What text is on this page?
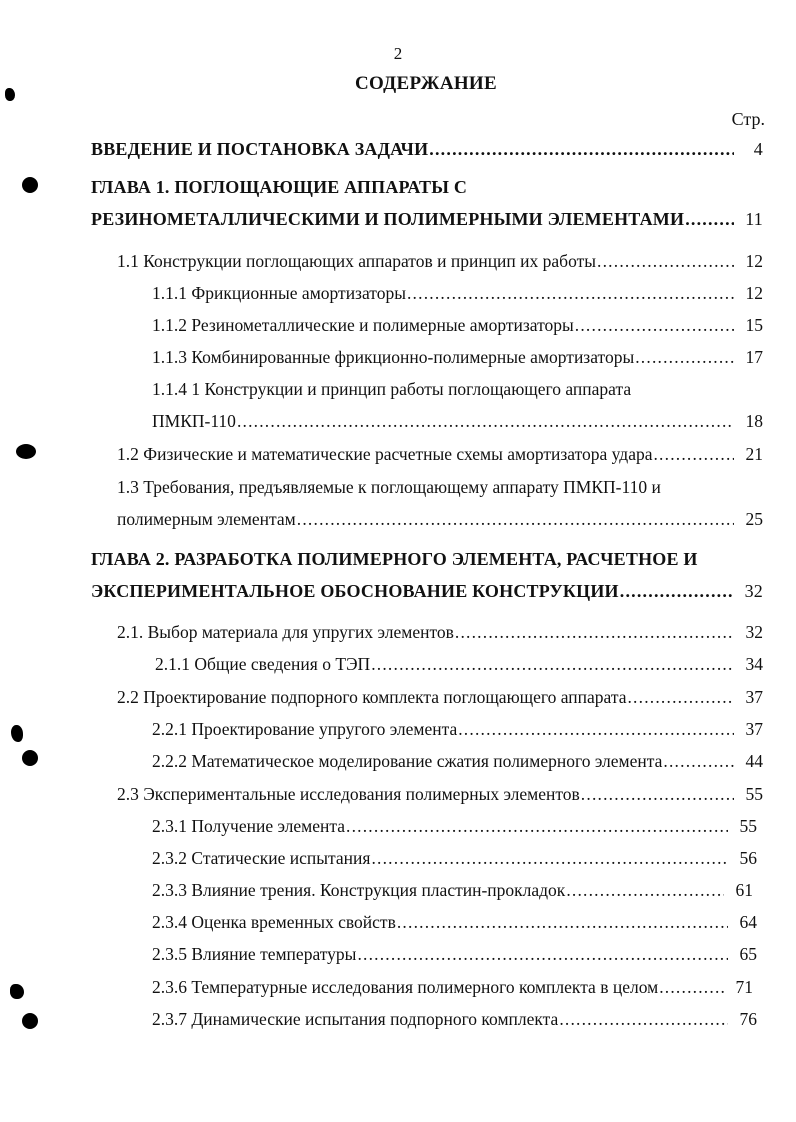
2
СОДЕРЖАНИЕ
Стр.
ВВЕДЕНИЕ И ПОСТАНОВКА ЗАДАЧИ .....	4
ГЛАВА 1. ПОГЛОЩАЮЩИЕ АППАРАТЫ С
РЕЗИНОМЕТАЛЛИЧЕСКИМИ И ПОЛИМЕРНЫМИ ЭЛЕМЕНТАМИ .....	11
1.1 Конструкции поглощающих аппаратов и принцип их работы .....	12
1.1.1 Фрикционные амортизаторы .....	12
1.1.2 Резинометаллические и полимерные амортизаторы .....	15
1.1.3 Комбинированные фрикционно-полимерные амортизаторы .....	17
1.1.4 1 Конструкции и принцип работы поглощающего аппарата
ПМКП-110 .....	18
1.2 Физические и математические расчетные схемы амортизатора удара .....	21
1.3 Требования, предъявляемые к поглощающему аппарату ПМКП-110 и
полимерным элементам .....	25
ГЛАВА 2. РАЗРАБОТКА ПОЛИМЕРНОГО ЭЛЕМЕНТА, РАСЧЕТНОЕ И
ЭКСПЕРИМЕНТАЛЬНОЕ ОБОСНОВАНИЕ КОНСТРУКЦИИ .....	32
2.1. Выбор материала для упругих элементов .....	32
2.1.1 Общие сведения о ТЭП .....	34
2.2 Проектирование подпорного комплекта поглощающего аппарата .....	37
2.2.1 Проектирование упругого элемента .....	37
2.2.2 Математическое моделирование сжатия полимерного элемента .....	44
2.3 Экспериментальные исследования полимерных элементов .....	55
2.3.1 Получение элемента .....	55
2.3.2 Статические испытания .....	56
2.3.3 Влияние трения. Конструкция пластин-прокладок .....	61
2.3.4 Оценка временных свойств .....	64
2.3.5 Влияние температуры .....	65
2.3.6 Температурные исследования полимерного комплекта в целом .....	71
2.3.7 Динамические испытания подпорного комплекта .....	76
